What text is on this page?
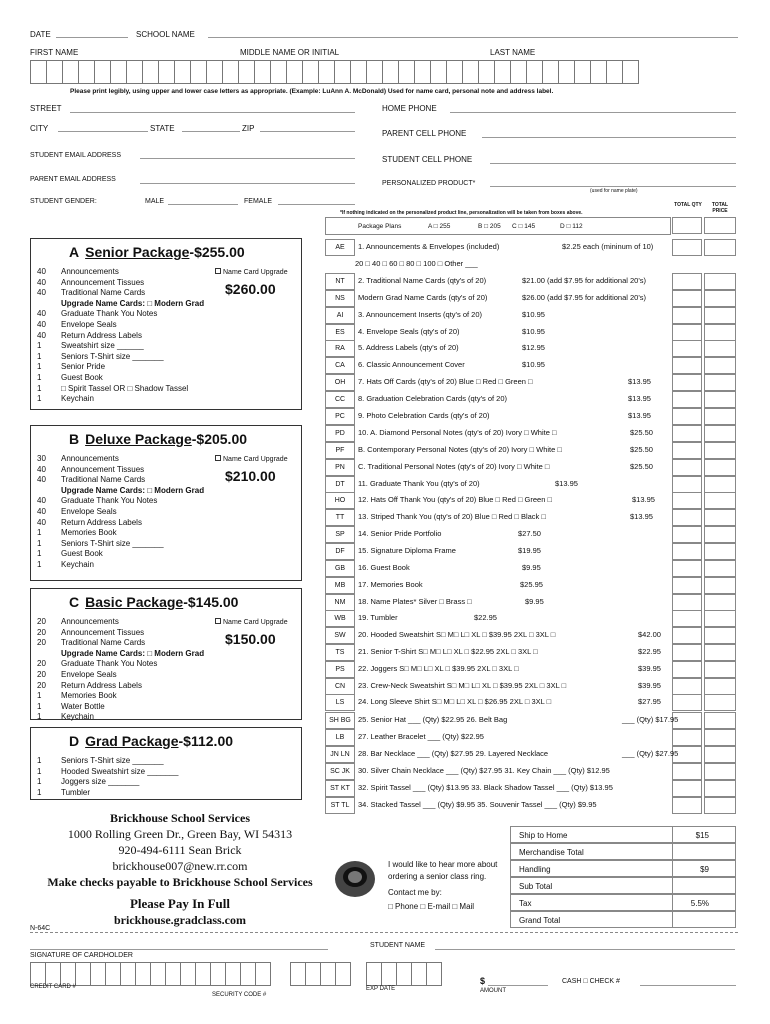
DATE	SCHOOL NAME
FIRST NAME	MIDDLE NAME OR INITIAL	LAST NAME
Please print legibly, using upper and lower case letters as appropriate. (Example: LuAnn A. McDonald) Used for name card, personal note and address label.
STREET
CITY	STATE	ZIP
STUDENT EMAIL ADDRESS
PARENT EMAIL ADDRESS
STUDENT GENDER:	MALE	FEMALE
HOME PHONE
PARENT CELL PHONE
STUDENT CELL PHONE
PERSONALIZED PRODUCT*
(used for name plate)
*If nothing indicated on the personalized product line, personalization will be taken from boxes above.
TOTAL QTY	TOTAL PRICE
A Senior Package-$255.00
Name Card Upgrade
$260.00
40 Announcements
40 Announcement Tissues
40 Traditional Name Cards
Upgrade Name Cards: □ Modern Grad
40 Graduate Thank You Notes
40 Envelope Seals
40 Return Address Labels
1 Sweatshirt size ______
1 Seniors T-Shirt size _______
1 Senior Pride
1 Guest Book
1 □ Spirit Tassel OR □ Shadow Tassel
1 Keychain
B Deluxe Package-$205.00
Name Card Upgrade
$210.00
30 Announcements
40 Announcement Tissues
40 Traditional Name Cards
Upgrade Name Cards: □ Modern Grad
40 Graduate Thank You Notes
40 Envelope Seals
40 Return Address Labels
1 Memories Book
1 Seniors T-Shirt size _______
1 Guest Book
1 Keychain
C Basic Package-$145.00
Name Card Upgrade
$150.00
20 Announcements
20 Announcement Tissues
20 Traditional Name Cards
Upgrade Name Cards: □ Modern Grad
20 Graduate Thank You Notes
20 Envelope Seals
20 Return Address Labels
1 Memories Book
1 Water Bottle
1 Keychain
D Grad Package-$112.00
1 Seniors T-Shirt size _______
1 Hooded Sweatshirt size _______
1 Joggers size _______
1 Tumbler
Brickhouse School Services
1000 Rolling Green Dr., Green Bay, WI 54313
920-494-6111 Sean Brick
brickhouse007@new.rr.com
Make checks payable to Brickhouse School Services
Please Pay In Full
brickhouse.gradclass.com
N-64C
Package Plans	A □ 255	B □ 205 C □ 145	D □ 112
AE	1. Announcements & Envelopes (included)	$2.25 each (mininum of 10)
20 □ 40 □ 60 □ 80 □ 100 □ Other ___
NT	2. Traditional Name Cards (qty's of 20)	$21.00 (add $7.95 for additional 20's)
NS	Modern Grad Name Cards (qty's of 20)	$26.00 (add $7.95 for additional 20's)
AI	3. Announcement Inserts (qty's of 20)	$10.95
ES	4. Envelope Seals (qty's of 20)	$10.95
RA	5. Address Labels (qty's of 20)	$12.95
CA	6. Classic Announcement Cover	$10.95
OH	7. Hats Off Cards (qty's of 20) Blue □ Red □ Green □	$13.95
CC	8. Graduation Celebration Cards (qty's of 20)	$13.95
PC	9. Photo Celebration Cards (qty's of 20)	$13.95
PD	10. A. Diamond Personal Notes (qty's of 20) Ivory □ White □	$25.50
PF	B. Contemporary Personal Notes (qty's of 20) Ivory □ White □	$25.50
PN	C. Traditional Personal Notes (qty's of 20) Ivory □ White □	$25.50
DT	11. Graduate Thank You (qty's of 20)	$13.95
HO	12. Hats Off Thank You (qty's of 20) Blue □ Red □ Green □	$13.95
TT	13. Striped Thank You (qty's of 20) Blue □ Red □ Black □	$13.95
SP	14. Senior Pride Portfolio	$27.50
DF	15. Signature Diploma Frame	$19.95
GB	16. Guest Book	$9.95
MB	17. Memories Book	$25.95
NM	18. Name Plates* Silver □ Brass □	$9.95
WB	19. Tumbler	$22.95
SW	20. Hooded Sweatshirt S□ M□ L□ XL □ $39.95 2XL □ 3XL □	$42.00
TS	21. Senior T-Shirt S□ M□ L□ XL □ $22.95 2XL □ 3XL □	$22.95
PS	22. Joggers S□ M□ L□ XL □ $39.95 2XL □ 3XL □	$39.95
CN	23. Crew-Neck Sweatshirt S□ M□ L□ XL □ $39.95 2XL □ 3XL □	$39.95
LS	24. Long Sleeve Shirt S□ M□ L□ XL □ $26.95 2XL □ 3XL □	$27.95
SH BG 25. Senior Hat ___ (Qty) $22.95 26. Belt Bag	___ (Qty) $17.95
LB	27. Leather Bracelet ___ (Qty) $22.95
JN LN	28. Bar Necklace ___ (Qty) $27.95 29. Layered Necklace	___ (Qty) $27.95
SC JK	30. Silver Chain Necklace ___ (Qty) $27.95 31. Key Chain ___ (Qty) $12.95
ST KT	32. Spirit Tassel ___ (Qty) $13.95 33. Black Shadow Tassel ___ (Qty) $13.95
ST TL	34. Stacked Tassel ___ (Qty) $9.95 35. Souvenir Tassel ___ (Qty) $9.95
I would like to hear more about
ordering a senior class ring.
Contact me by:
□ Phone □ E-mail □ Mail
Ship to Home	$15
Merchandise Total
Handling	$9
Sub Total
Tax	5.5%
Grand Total
STUDENT NAME
SIGNATURE OF CARDHOLDER
CREDIT CARD #
SECURITY CODE #
EXP DATE
$
AMOUNT
CASH □ CHECK #
